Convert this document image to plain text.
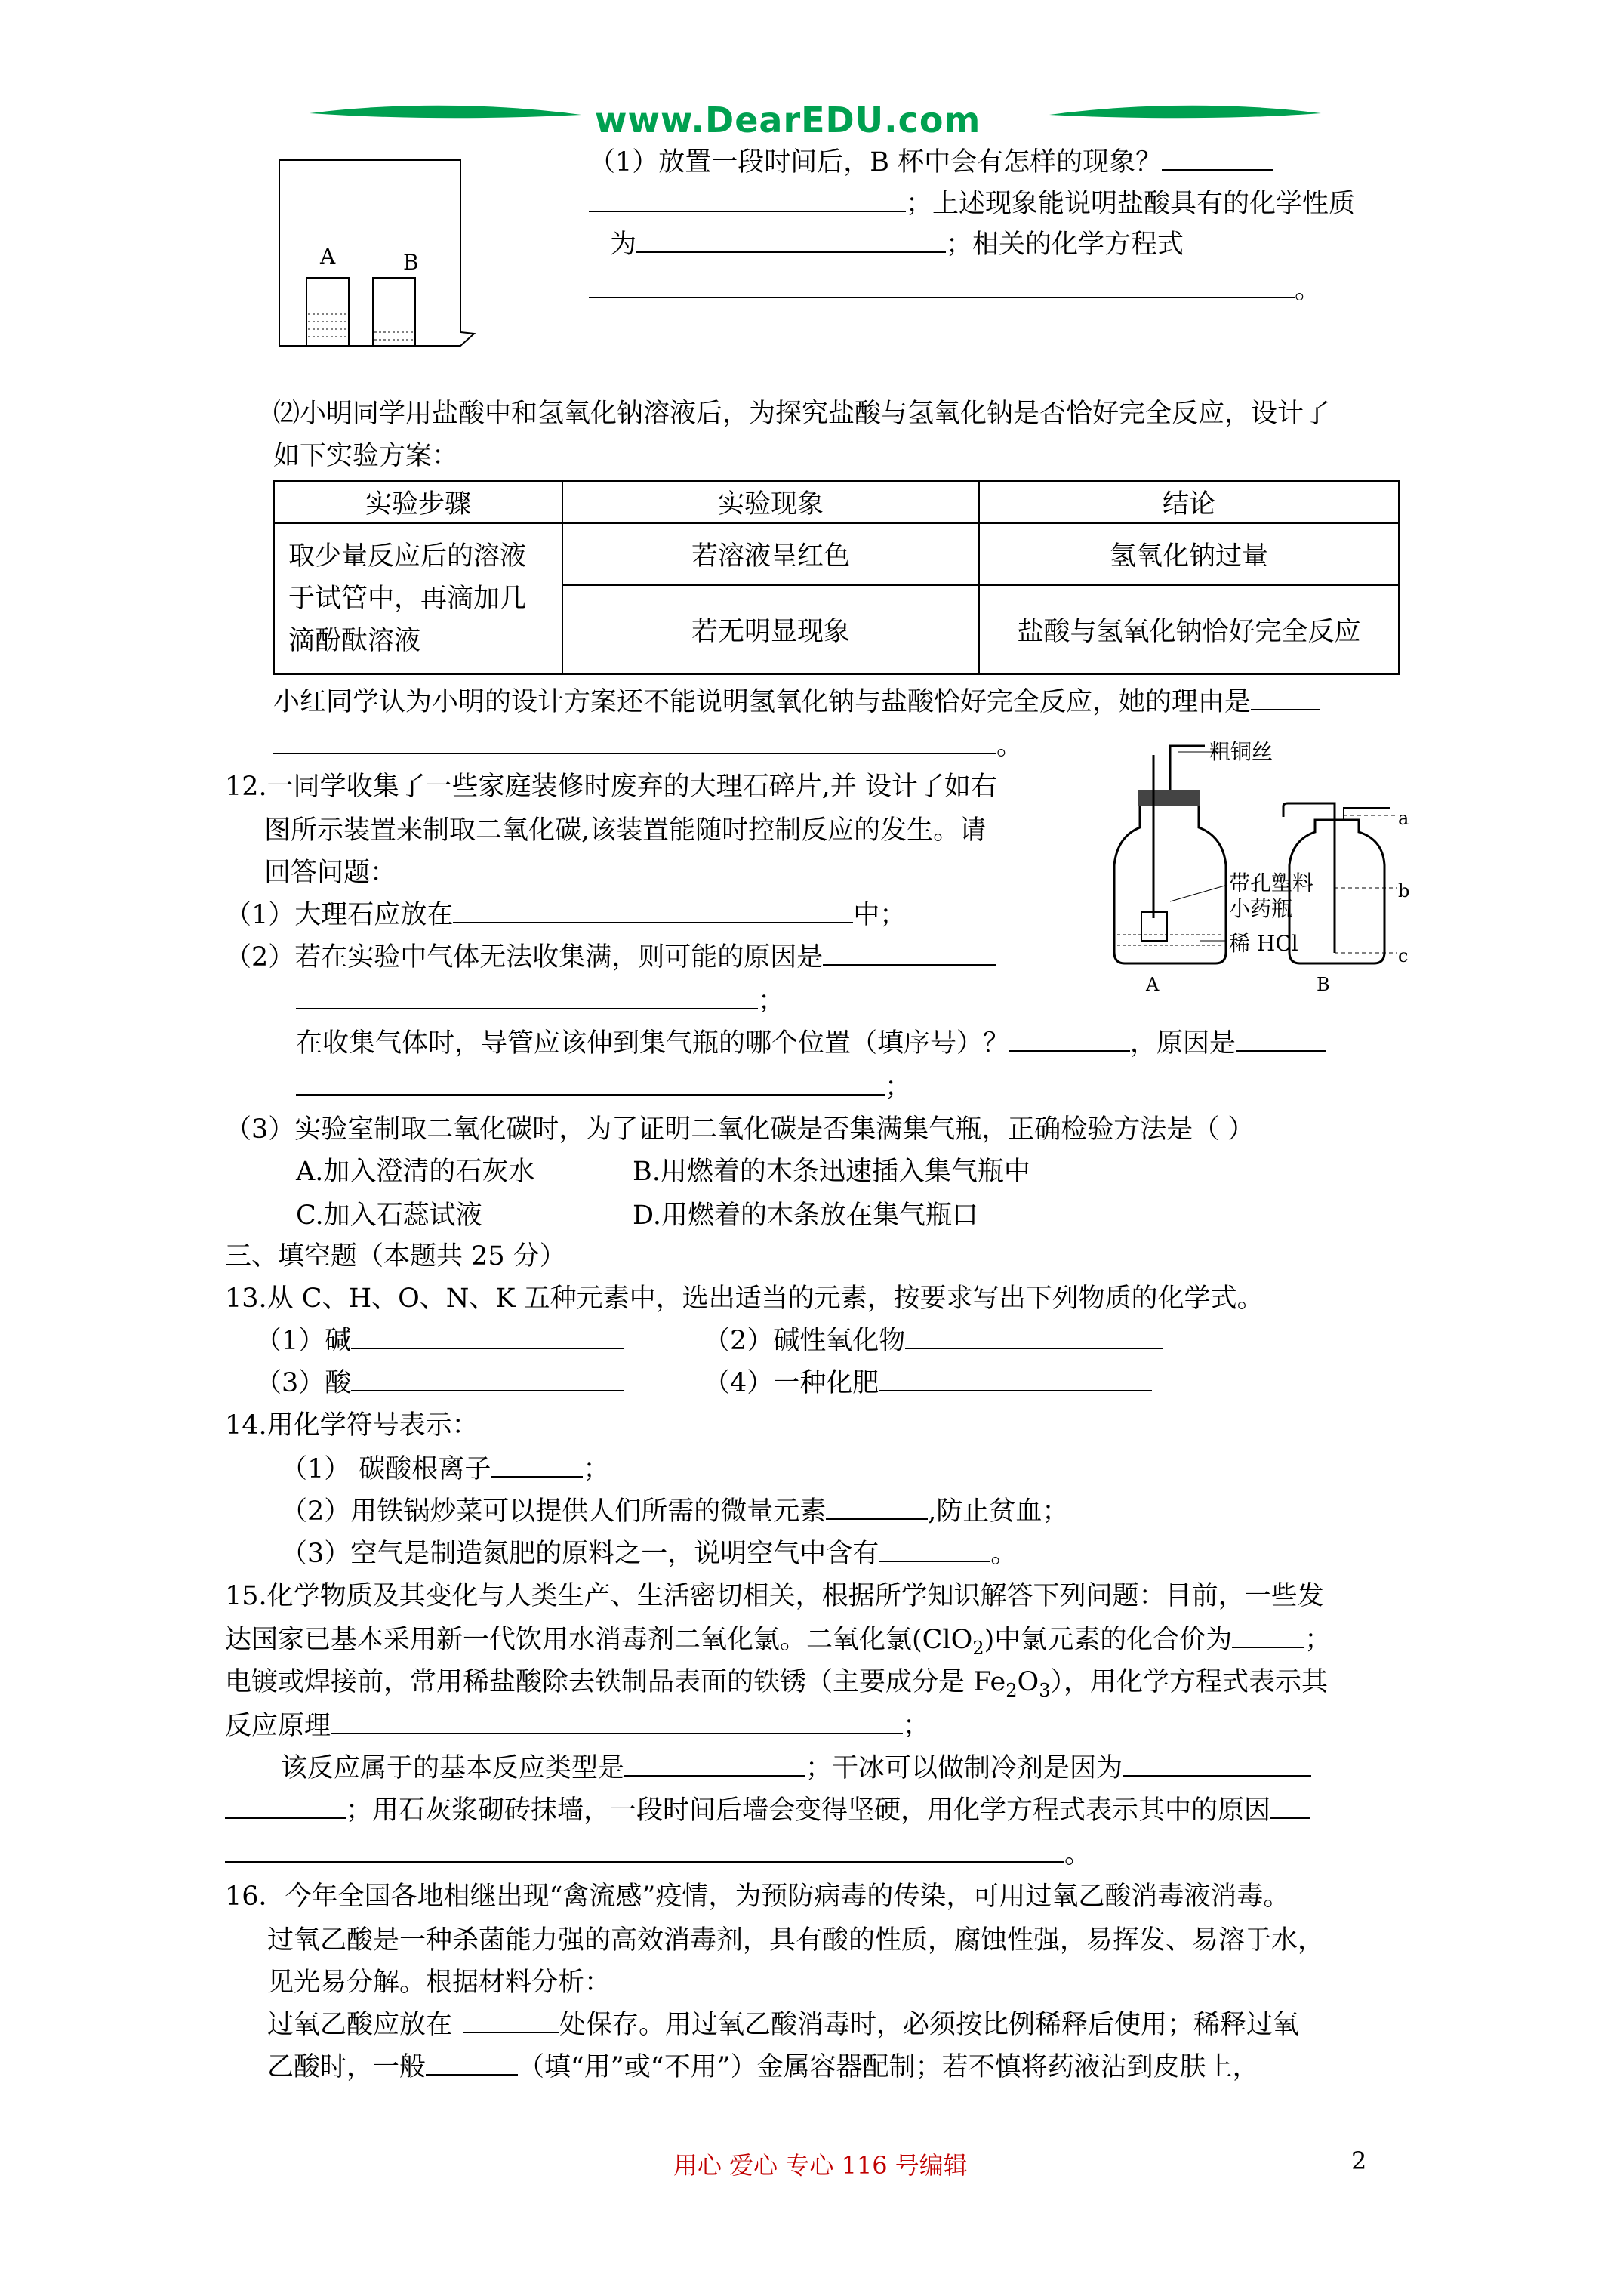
www.DearEDU.com
A	B
（1）放置一段时间后，B 杯中会有怎样的现象？
；上述现象能说明盐酸具有的化学性质
为	；相关的化学方程式
。
⑵小明同学用盐酸中和氢氧化钠溶液后，为探究盐酸与氢氧化钠是否恰好完全反应，设计了
如下实验方案：
实验步骤	实验现象	结论

取少量反应后的溶液
于试管中，再滴加几
滴酚酞溶液	若溶液呈红色	氢氧化钠过量
	若无明显现象	盐酸与氢氧化钠恰好完全反应
小红同学认为小明的设计方案还不能说明氢氧化钠与盐酸恰好完全反应，她的理由是
。
12.一同学收集了一些家庭装修时废弃的大理石碎片,并 设计了如右
图所示装置来制取二氧化碳,该装置能随时控制反应的发生。请
回答问题：
（1）大理石应放在	中；
（2）若在实验中气体无法收集满，则可能的原因是
；
在收集气体时，导管应该伸到集气瓶的哪个位置（填序号）？	，原因是
；
（3）实验室制取二氧化碳时，为了证明二氧化碳是否集满集气瓶，正确检验方法是（ ）
A.加入澄清的石灰水	B.用燃着的木条迅速插入集气瓶中
C.加入石蕊试液	D.用燃着的木条放在集气瓶口
粗铜丝
带孔塑料
小药瓶
稀 HCl
A	B
a
b
c
三、填空题（本题共 25 分）
13.从 C、H、O、N、K 五种元素中，选出适当的元素，按要求写出下列物质的化学式。
（1）碱	（2）碱性氧化物
（3）酸	（4）一种化肥
14.用化学符号表示：
（1） 碳酸根离子	；
（2）用铁锅炒菜可以提供人们所需的微量元素	,防止贫血；
（3）空气是制造氮肥的原料之一，说明空气中含有	。
15.化学物质及其变化与人类生产、生活密切相关，根据所学知识解答下列问题：目前，一些发
达国家已基本采用新一代饮用水消毒剂二氧化氯。二氧化氯(ClO$_2$)中氯元素的化合价为	；
电镀或焊接前，常用稀盐酸除去铁制品表面的铁锈（主要成分是 $Fe_2O_3$），用化学方程式表示其
反应原理	；
该反应属于的基本反应类型是	；干冰可以做制冷剂是因为
；用石灰浆砌砖抹墙，一段时间后墙会变得坚硬，用化学方程式表示其中的原因
。
16．今年全国各地相继出现“禽流感”疫情，为预防病毒的传染，可用过氧乙酸消毒液消毒。
过氧乙酸是一种杀菌能力强的高效消毒剂，具有酸的性质，腐蚀性强，易挥发、易溶于水，
见光易分解。根据材料分析：
过氧乙酸应放在	处保存。用过氧乙酸消毒时，必须按比例稀释后使用；稀释过氧
乙酸时，一般	（填“用”或“不用”）金属容器配制；若不慎将药液沾到皮肤上，
用心 爱心 专心 116 号编辑	2
